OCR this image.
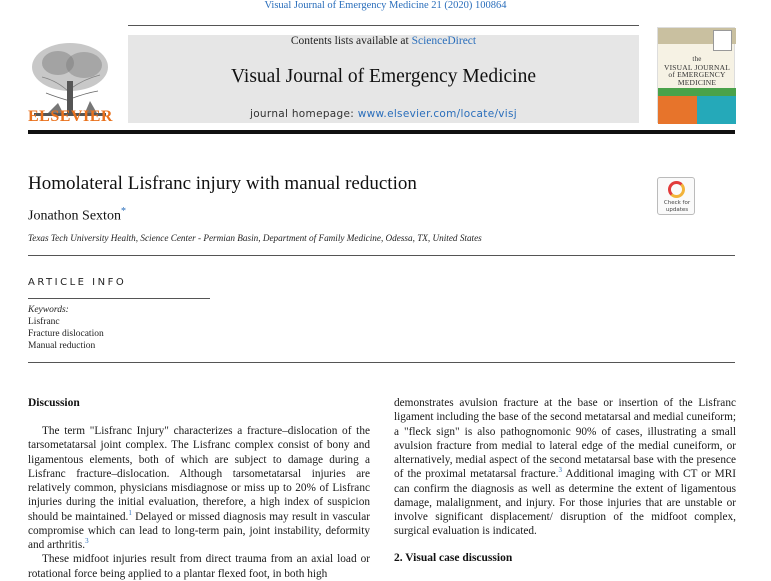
Visual Journal of Emergency Medicine 21 (2020) 100864
ELSEVIER
Contents lists available at ScienceDirect
Visual Journal of Emergency Medicine
journal homepage: www.elsevier.com/locate/visj
the
VISUAL JOURNAL
of EMERGENCY
MEDICINE
Homolateral Lisfranc injury with manual reduction
Jonathon Sexton*
Texas Tech University Health, Science Center - Permian Basin, Department of Family Medicine, Odessa, TX, United States
Check for
updates
ARTICLE INFO
Keywords:
Lisfranc
Fracture dislocation
Manual reduction
Discussion

The term "Lisfranc Injury" characterizes a fracture–dislocation of the tarsometatarsal joint complex. The Lisfranc complex consist of bony and ligamentous elements, both of which are subject to damage during a Lisfranc fracture–dislocation. Although tarsometatarsal injuries are relatively common, physicians misdiagnose or miss up to 20% of Lisfranc injuries during the initial evaluation, therefore, a high index of suspicion should be maintained.$^1$ Delayed or missed diagnosis may result in vascular compromise which can lead to long-term pain, joint instability, deformity and arthritis.$^3$

These midfoot injuries result from direct trauma from an axial load or rotational force being applied to a plantar flexed foot, in both high

demonstrates avulsion fracture at the base or insertion of the Lisfranc ligament including the base of the second metatarsal and medial cuneiform; a "fleck sign" is also pathognomonic 90% of cases, illustrating a small avulsion fracture from medial to lateral edge of the medial cuneiform, or alternatively, medial aspect of the second metatarsal base with the presence of the proximal metatarsal fracture.$^3$ Additional imaging with CT or MRI can confirm the diagnosis as well as determine the extent of ligamentous damage, malalignment, and injury. For those injuries that are unstable or involve significant displacement/ disruption of the midfoot complex, surgical evaluation is indicated.

2. Visual case discussion
